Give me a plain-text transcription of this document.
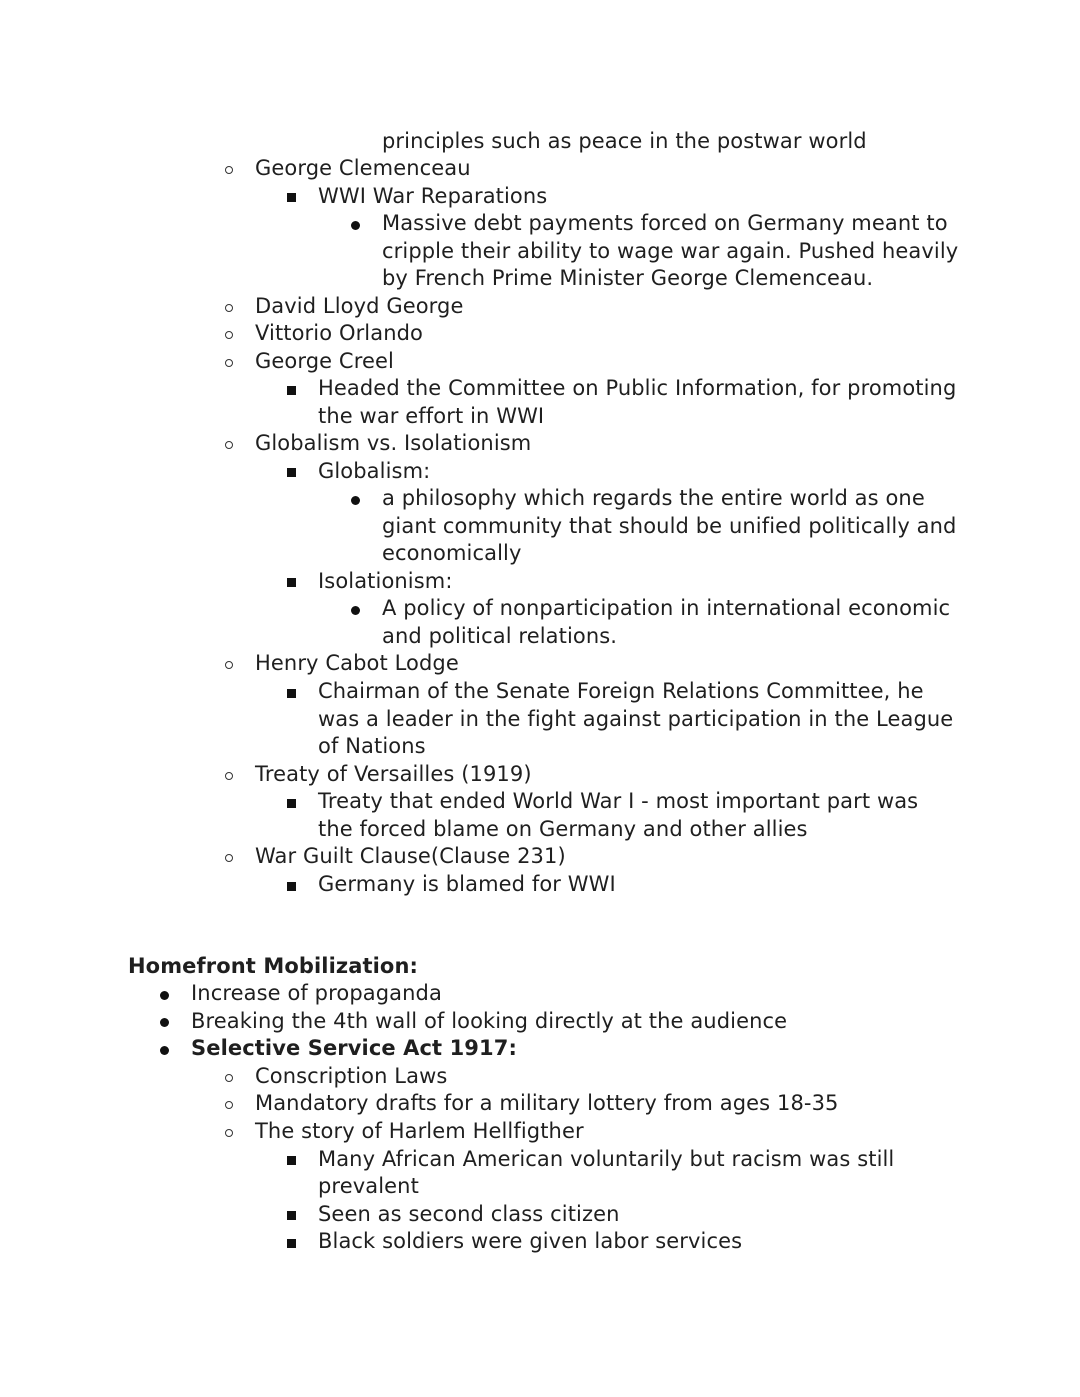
principles such as peace in the postwar world
George Clemenceau
WWI War Reparations
Massive debt payments forced on Germany meant to
cripple their ability to wage war again. Pushed heavily
by French Prime Minister George Clemenceau.
David Lloyd George
Vittorio Orlando
George Creel
Headed the Committee on Public Information, for promoting
the war effort in WWI
Globalism vs. Isolationism
Globalism:
a philosophy which regards the entire world as one
giant community that should be unified politically and
economically
Isolationism:
A policy of nonparticipation in international economic
and political relations.
Henry Cabot Lodge
Chairman of the Senate Foreign Relations Committee, he
was a leader in the fight against participation in the League
of Nations
Treaty of Versailles (1919)
Treaty that ended World War I - most important part was
the forced blame on Germany and other allies
War Guilt Clause(Clause 231)
Germany is blamed for WWI
Homefront Mobilization:
Increase of propaganda
Breaking the 4th wall of looking directly at the audience
Selective Service Act 1917:
Conscription Laws
Mandatory drafts for a military lottery from ages 18-35
The story of Harlem Hellfigther
Many African American voluntarily but racism was still
prevalent
Seen as second class citizen
Black soldiers were given labor services
